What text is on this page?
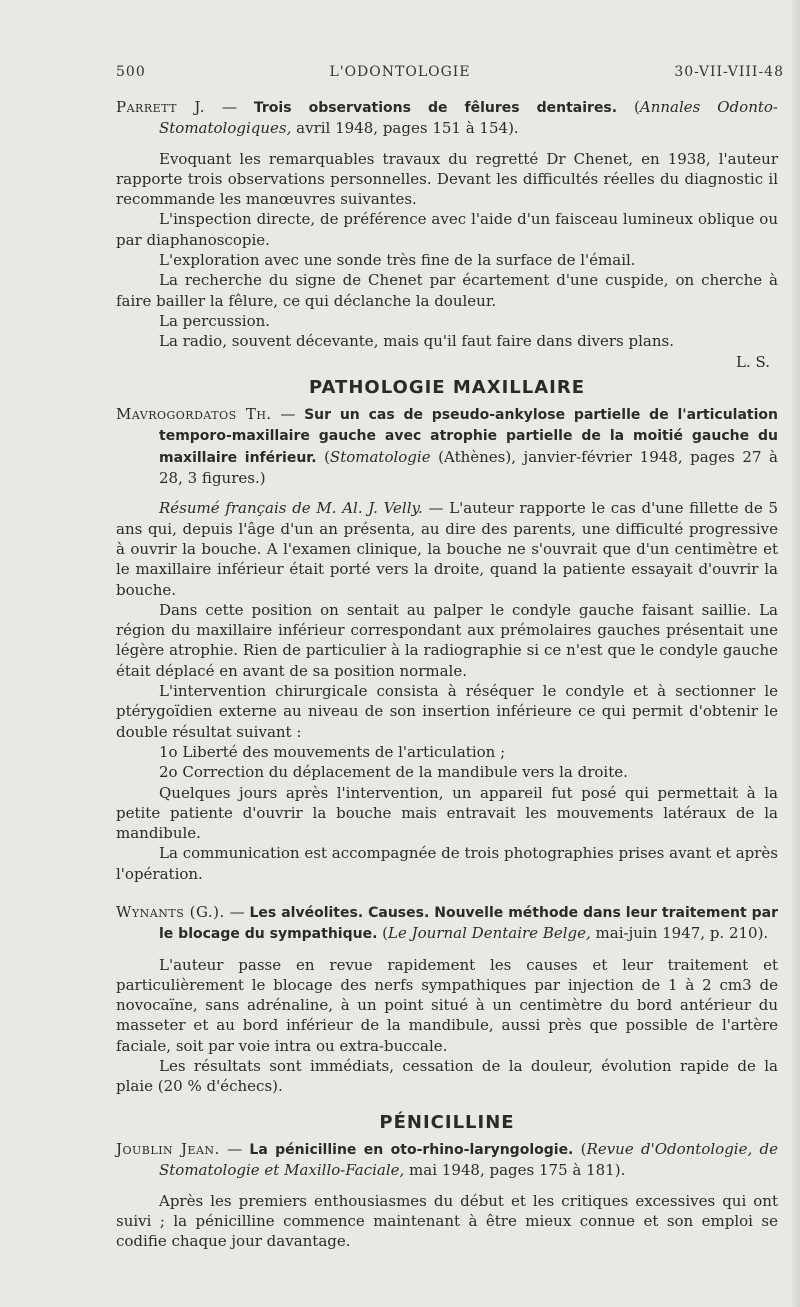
500	L'ODONTOLOGIE	30-VII-VIII-48

Parrett J. — Trois observations de fêlures dentaires. (Annales Odonto-Stomatologiques, avril 1948, pages 151 à 154).

Evoquant les remarquables travaux du regretté Dr Chenet, en 1938, l'auteur rapporte trois observations personnelles. Devant les difficultés réelles du diagnostic il recommande les manœuvres suivantes.

L'inspection directe, de préférence avec l'aide d'un faisceau lumineux oblique ou par diaphanoscopie.

L'exploration avec une sonde très fine de la surface de l'émail.

La recherche du signe de Chenet par écartement d'une cuspide, on cherche à faire bailler la fêlure, ce qui déclanche la douleur.

La percussion.

La radio, souvent décevante, mais qu'il faut faire dans divers plans.

L. S.

PATHOLOGIE MAXILLAIRE

Mavrogordatos Th. — Sur un cas de pseudo-ankylose partielle de l'articulation temporo-maxillaire gauche avec atrophie partielle de la moitié gauche du maxillaire inférieur. (Stomatologie (Athènes), janvier-février 1948, pages 27 à 28, 3 figures.)

Résumé français de M. Al. J. Velly. — L'auteur rapporte le cas d'une fillette de 5 ans qui, depuis l'âge d'un an présenta, au dire des parents, une difficulté progressive à ouvrir la bouche. A l'examen clinique, la bouche ne s'ouvrait que d'un centimètre et le maxillaire inférieur était porté vers la droite, quand la patiente essayait d'ouvrir la bouche.

Dans cette position on sentait au palper le condyle gauche faisant saillie. La région du maxillaire inférieur correspondant aux prémolaires gauches présentait une légère atrophie. Rien de particulier à la radiographie si ce n'est que le condyle gauche était déplacé en avant de sa position normale.

L'intervention chirurgicale consista à réséquer le condyle et à sectionner le ptérygoïdien externe au niveau de son insertion inférieure ce qui permit d'obtenir le double résultat suivant :

1o Liberté des mouvements de l'articulation ;

2o Correction du déplacement de la mandibule vers la droite.

Quelques jours après l'intervention, un appareil fut posé qui permettait à la petite patiente d'ouvrir la bouche mais entravait les mouvements latéraux de la mandibule.

La communication est accompagnée de trois photographies prises avant et après l'opération.

Wynants (G.). — Les alvéolites. Causes. Nouvelle méthode dans leur traitement par le blocage du sympathique. (Le Journal Dentaire Belge, mai-juin 1947, p. 210).

L'auteur passe en revue rapidement les causes et leur traitement et particulièrement le blocage des nerfs sympathiques par injection de 1 à 2 cm3 de novocaïne, sans adrénaline, à un point situé à un centimètre du bord antérieur du masseter et au bord inférieur de la mandibule, aussi près que possible de l'artère faciale, soit par voie intra ou extra-buccale.

Les résultats sont immédiats, cessation de la douleur, évolution rapide de la plaie (20 % d'échecs).

PÉNICILLINE

Joublin Jean. — La pénicilline en oto-rhino-laryngologie. (Revue d'Odontologie, de Stomatologie et Maxillo-Faciale, mai 1948, pages 175 à 181).

Après les premiers enthousiasmes du début et les critiques excessives qui ont suivi ; la pénicilline commence maintenant à être mieux connue et son emploi se codifie chaque jour davantage.
